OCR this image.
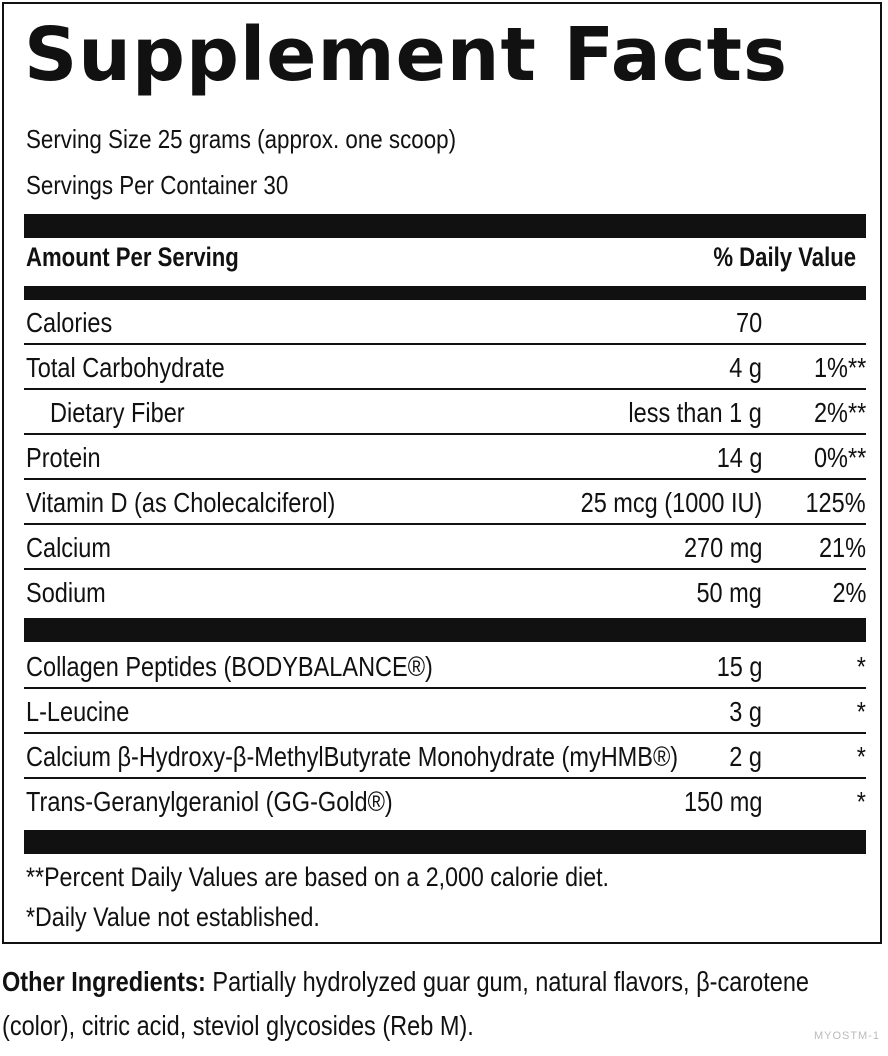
Supplement Facts
Serving Size 25 grams (approx. one scoop)
Servings Per Container 30
Amount Per Serving	% Daily Value
Calories	70
Total Carbohydrate	4 g 1%**
Dietary Fiber	less than 1 g 2%**
Protein	14 g 0%**
Vitamin D (as Cholecalciferol)	25 mcg (1000 IU) 125%
Calcium	270 mg 21%
Sodium	50 mg	2%
Collagen Peptides (BODYBALANCE®)	15 g	*
L-Leucine	3 g	*
Calcium β-Hydroxy-β-MethylButyrate Monohydrate (myHMB®) 2 g	*
Trans-Geranylgeraniol (GG-Gold®)	150 mg	*
**Percent Daily Values are based on a 2,000 calorie diet.
*Daily Value not established.
Other Ingredients: Partially hydrolyzed guar gum, natural flavors, β-carotene (color), citric acid, steviol glycosides (Reb M).	MYOSTM-1
